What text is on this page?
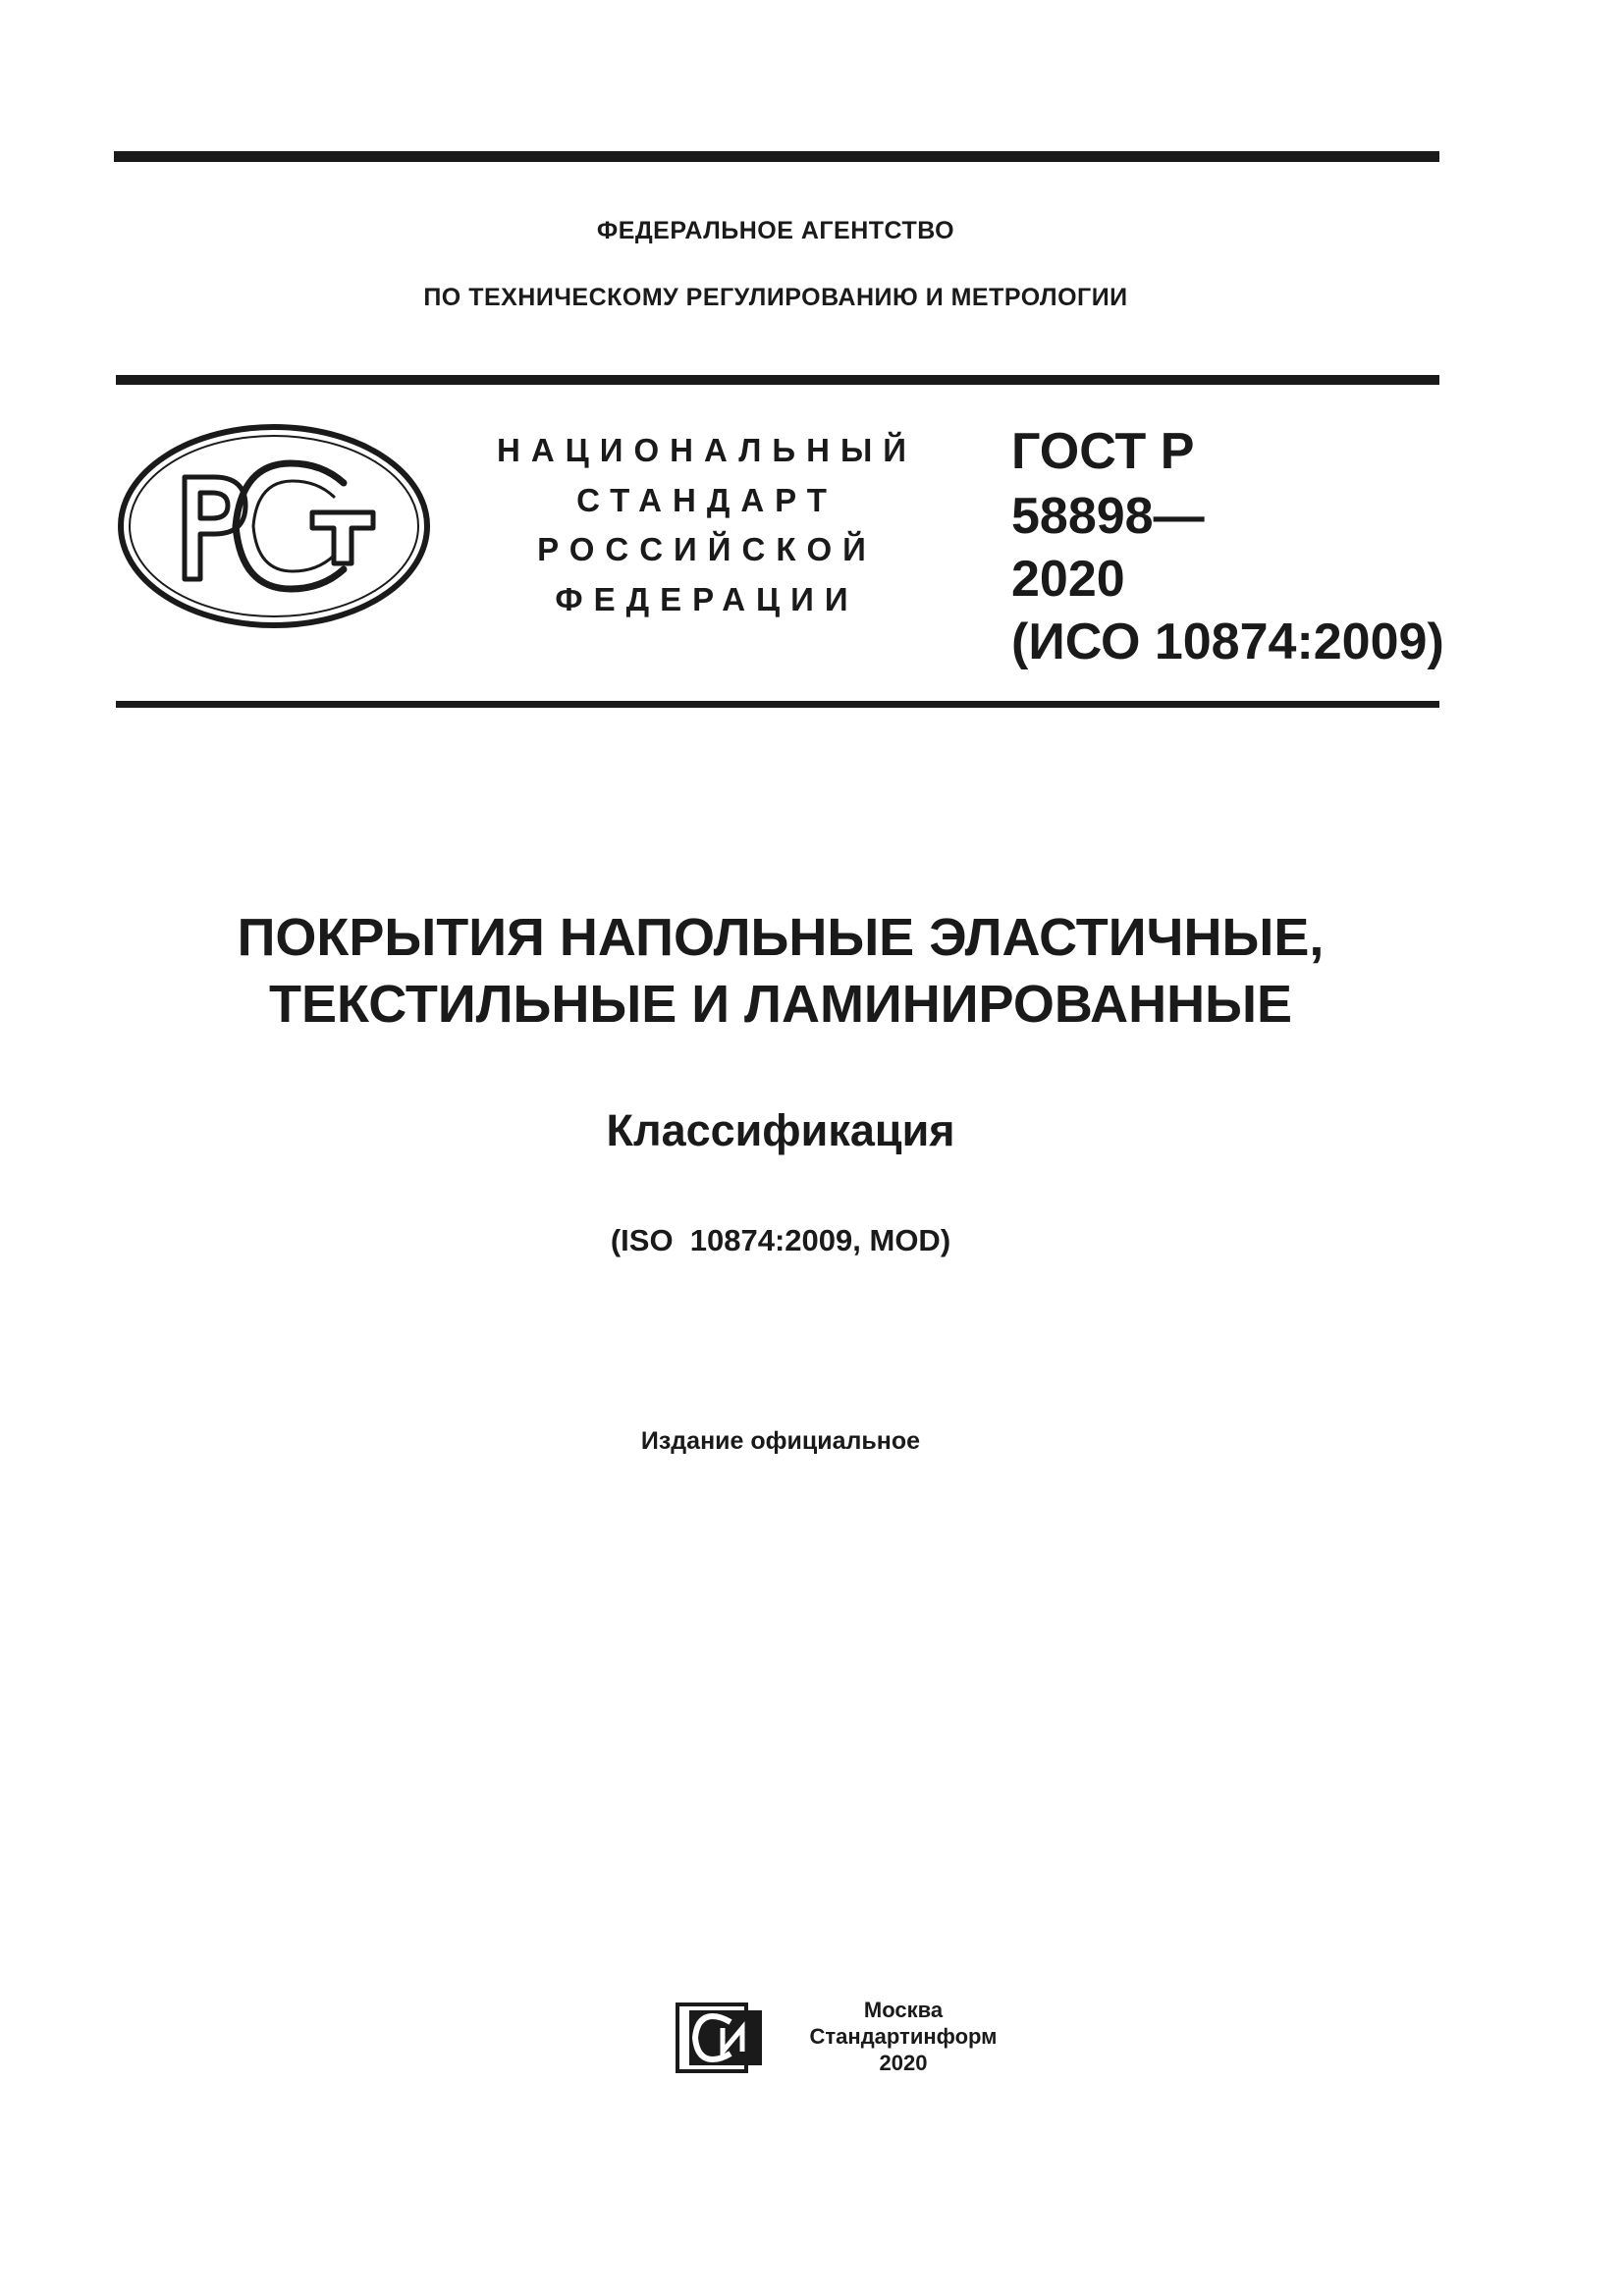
ФЕДЕРАЛЬНОЕ АГЕНТСТВО
ПО ТЕХНИЧЕСКОМУ РЕГУЛИРОВАНИЮ И МЕТРОЛОГИИ
НАЦИОНАЛЬНЫЙ
СТАНДАРТ
РОССИЙСКОЙ
ФЕДЕРАЦИИ
ГОСТ Р
58898—
2020
(ИСО 10874:2009)
ПОКРЫТИЯ НАПОЛЬНЫЕ ЭЛАСТИЧНЫЕ,
ТЕКСТИЛЬНЫЕ И ЛАМИНИРОВАННЫЕ
Классификация
(ISO  10874:2009, MOD)
Издание официальное
Москва
Стандартинформ
2020
